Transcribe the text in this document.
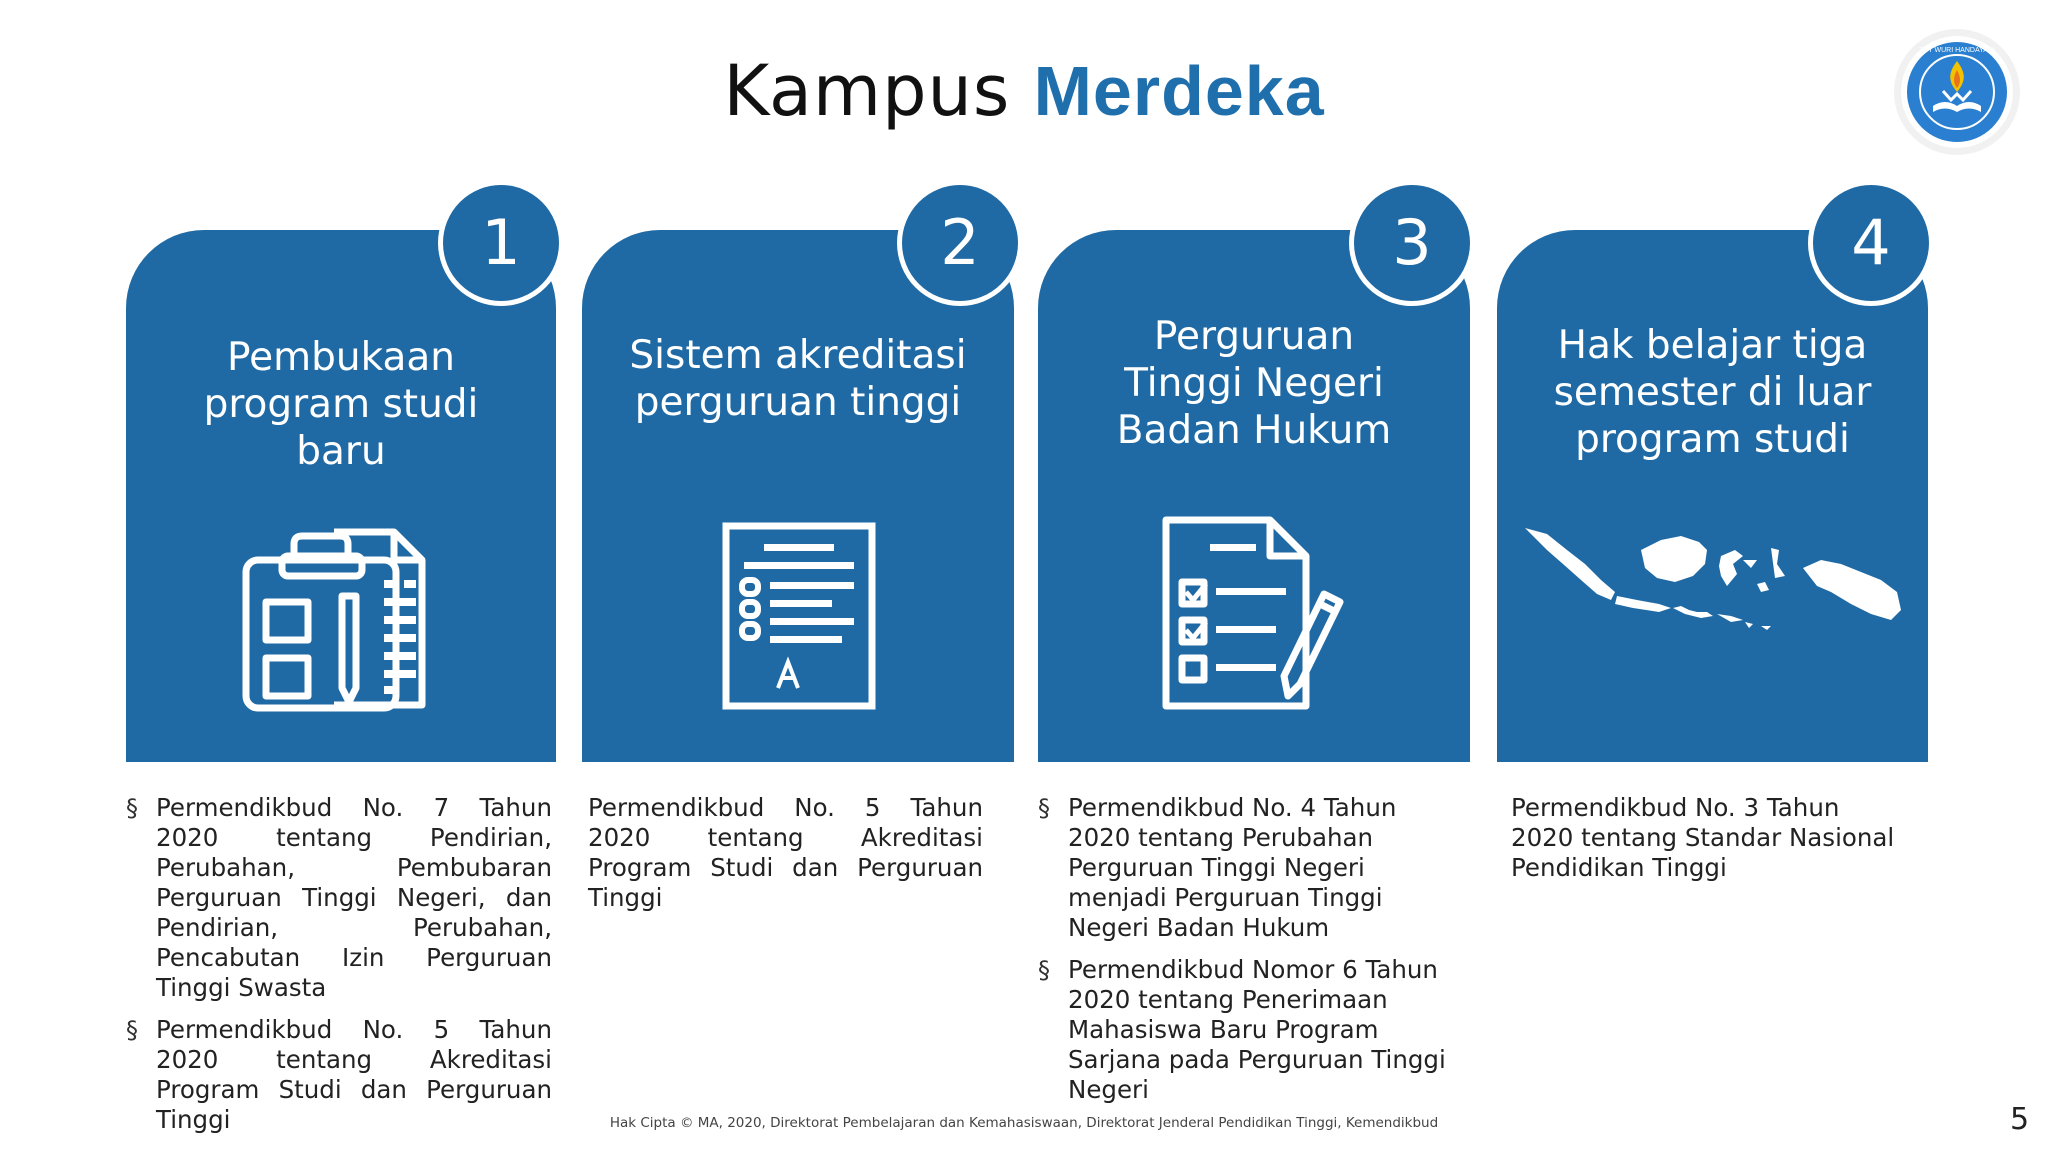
Kampus Merdeka
TUT WURI HANDAYANI
Pembukaan
program studi
baru
1
Sistem akreditasi
perguruan tinggi
2
Perguruan
Tinggi Negeri
Badan Hukum
3
Hak belajar tiga
semester di luar
program studi
4
§ Permendikbud No. 7 Tahun 2020 tentang Pendirian, Perubahan, Pembubaran Perguruan Tinggi Negeri, dan Pendirian, Perubahan, Pencabutan Izin Perguruan Tinggi Swasta
§ Permendikbud No. 5 Tahun 2020 tentang Akreditasi Program Studi dan Perguruan Tinggi
Permendikbud No. 5 Tahun 2020 tentang Akreditasi Program Studi dan Perguruan Tinggi
§ Permendikbud No. 4 Tahun 2020 tentang Perubahan Perguruan Tinggi Negeri menjadi Perguruan Tinggi Negeri Badan Hukum
§ Permendikbud Nomor 6 Tahun 2020 tentang Penerimaan Mahasiswa Baru Program Sarjana pada Perguruan Tinggi Negeri
Permendikbud No. 3 Tahun 2020 tentang Standar Nasional Pendidikan Tinggi
Hak Cipta © MA, 2020, Direktorat Pembelajaran dan Kemahasiswaan, Direktorat Jenderal Pendidikan Tinggi, Kemendikbud	5
